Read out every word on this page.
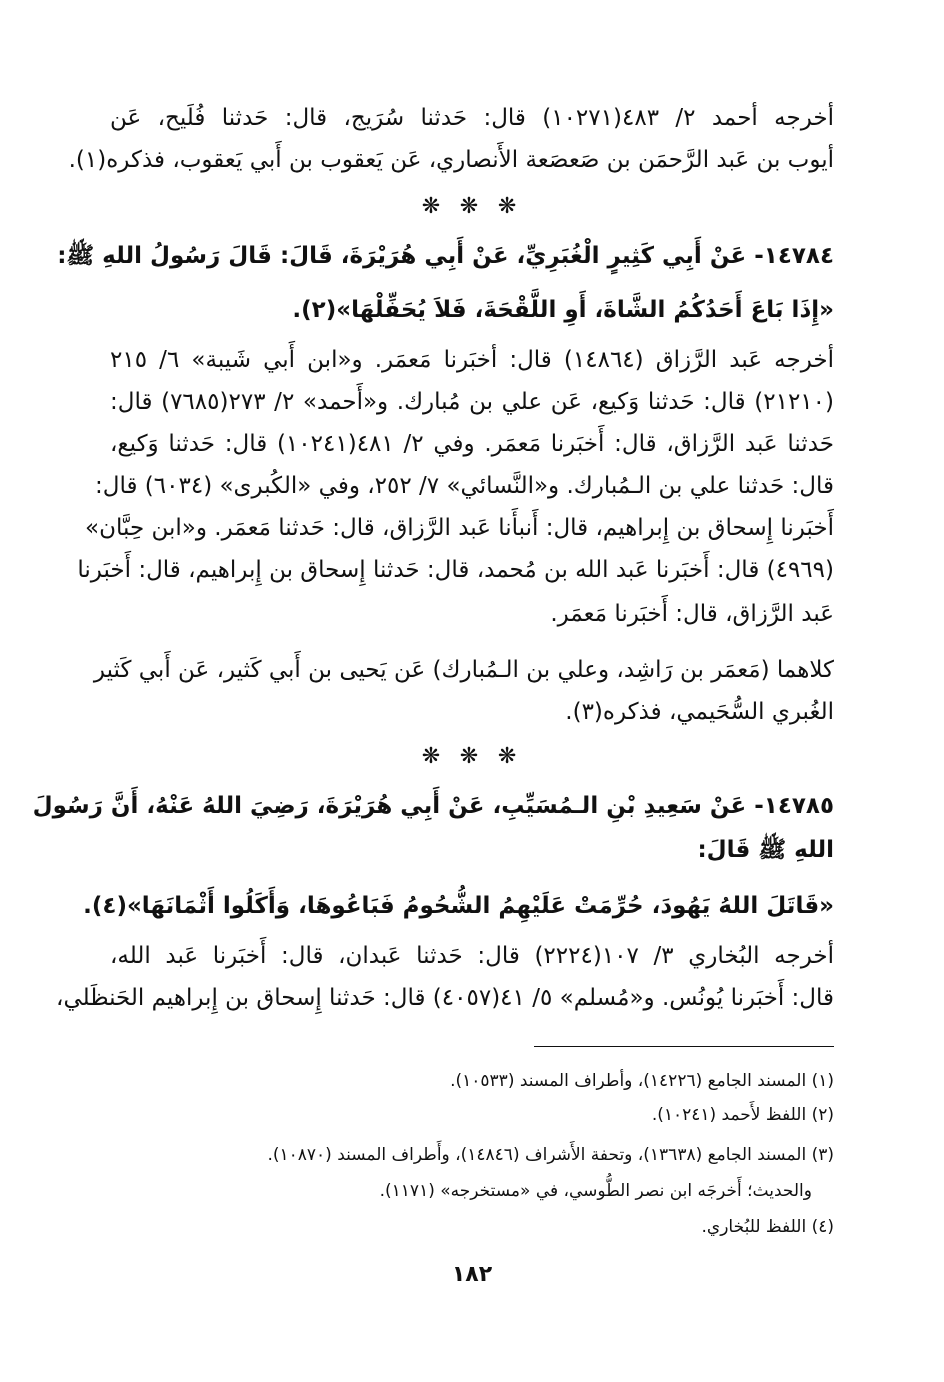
أخرجه أحمد ٢/ ٤٨٣(١٠٢٧١) قال: حَدثنا سُرَيج، قال: حَدثنا فُلَيح، عَن
أيوب بن عَبد الرَّحمَن بن صَعصَعة الأَنصاري، عَن يَعقوب بن أَبي يَعقوب، فذكره(١).
❋ ❋ ❋
١٤٧٨٤- عَنْ أَبِي كَثِيرٍ الْغُبَرِيِّ، عَنْ أَبِي هُرَيْرَةَ، قَالَ: قَالَ رَسُولُ اللهِ ﷺ:
«إِذَا بَاعَ أَحَدُكُمُ الشَّاةَ، أَوِ اللَّقْحَةَ، فَلاَ يُحَفِّلْهَا»(٢).
أخرجه عَبد الرَّزاق (١٤٨٦٤) قال: أخبَرنا مَعمَر. و«ابن أَبي شَيبة» ٦/ ٢١٥
(٢١٢١٠) قال: حَدثنا وَكيع، عَن علي بن مُبارك. و«أَحمد» ٢/ ٢٧٣(٧٦٨٥) قال:
حَدثنا عَبد الرَّزاق، قال: أَخبَرنا مَعمَر. وفي ٢/ ٤٨١(١٠٢٤١) قال: حَدثنا وَكيع،
قال: حَدثنا علي بن الـمُبارك. و«النَّسائي» ٧/ ٢٥٢، وفي «الكُبرى» (٦٠٣٤) قال:
أَخبَرنا إِسحاق بن إِبراهيم، قال: أَنبأَنا عَبد الرَّزاق، قال: حَدثنا مَعمَر. و«ابن حِبَّان»
(٤٩٦٩) قال: أَخبَرنا عَبد الله بن مُحمد، قال: حَدثنا إِسحاق بن إِبراهيم، قال: أَخبَرنا
عَبد الرَّزاق، قال: أَخبَرنا مَعمَر.
كلاهما (مَعمَر بن رَاشِد، وعلي بن الـمُبارك) عَن يَحيى بن أَبي كَثير، عَن أَبي كَثير
الغُبري السُّحَيمي، فذكره(٣).
❋ ❋ ❋
١٤٧٨٥- عَنْ سَعِيدِ بْنِ الـمُسَيِّبِ، عَنْ أَبِي هُرَيْرَةَ، رَضِيَ اللهُ عَنْهُ، أَنَّ رَسُولَ
اللهِ ﷺ قَالَ:
«قَاتَلَ اللهُ يَهُودَ، حُرِّمَتْ عَلَيْهِمُ الشُّحُومُ فَبَاعُوهَا، وَأَكَلُوا أَثْمَانَهَا»(٤).
أخرجه البُخاري ٣/ ١٠٧(٢٢٢٤) قال: حَدثنا عَبدان، قال: أَخبَرنا عَبد الله،
قال: أَخبَرنا يُونُس. و«مُسلم» ٥/ ٤١(٤٠٥٧) قال: حَدثنا إِسحاق بن إِبراهيم الحَنظَلي،
(١) المسند الجامع (١٤٢٢٦)، وأطراف المسند (١٠٥٣٣).
(٢) اللفظ لأَحمد (١٠٢٤١).
(٣) المسند الجامع (١٣٦٣٨)، وتحفة الأَشراف (١٤٨٤٦)، وأَطراف المسند (١٠٨٧٠).
والحديث؛ أَخرجَه ابن نصر الطُّوسي، في «مستخرجه» (١١٧١).
(٤) اللفظ للبُخاري.
١٨٢
